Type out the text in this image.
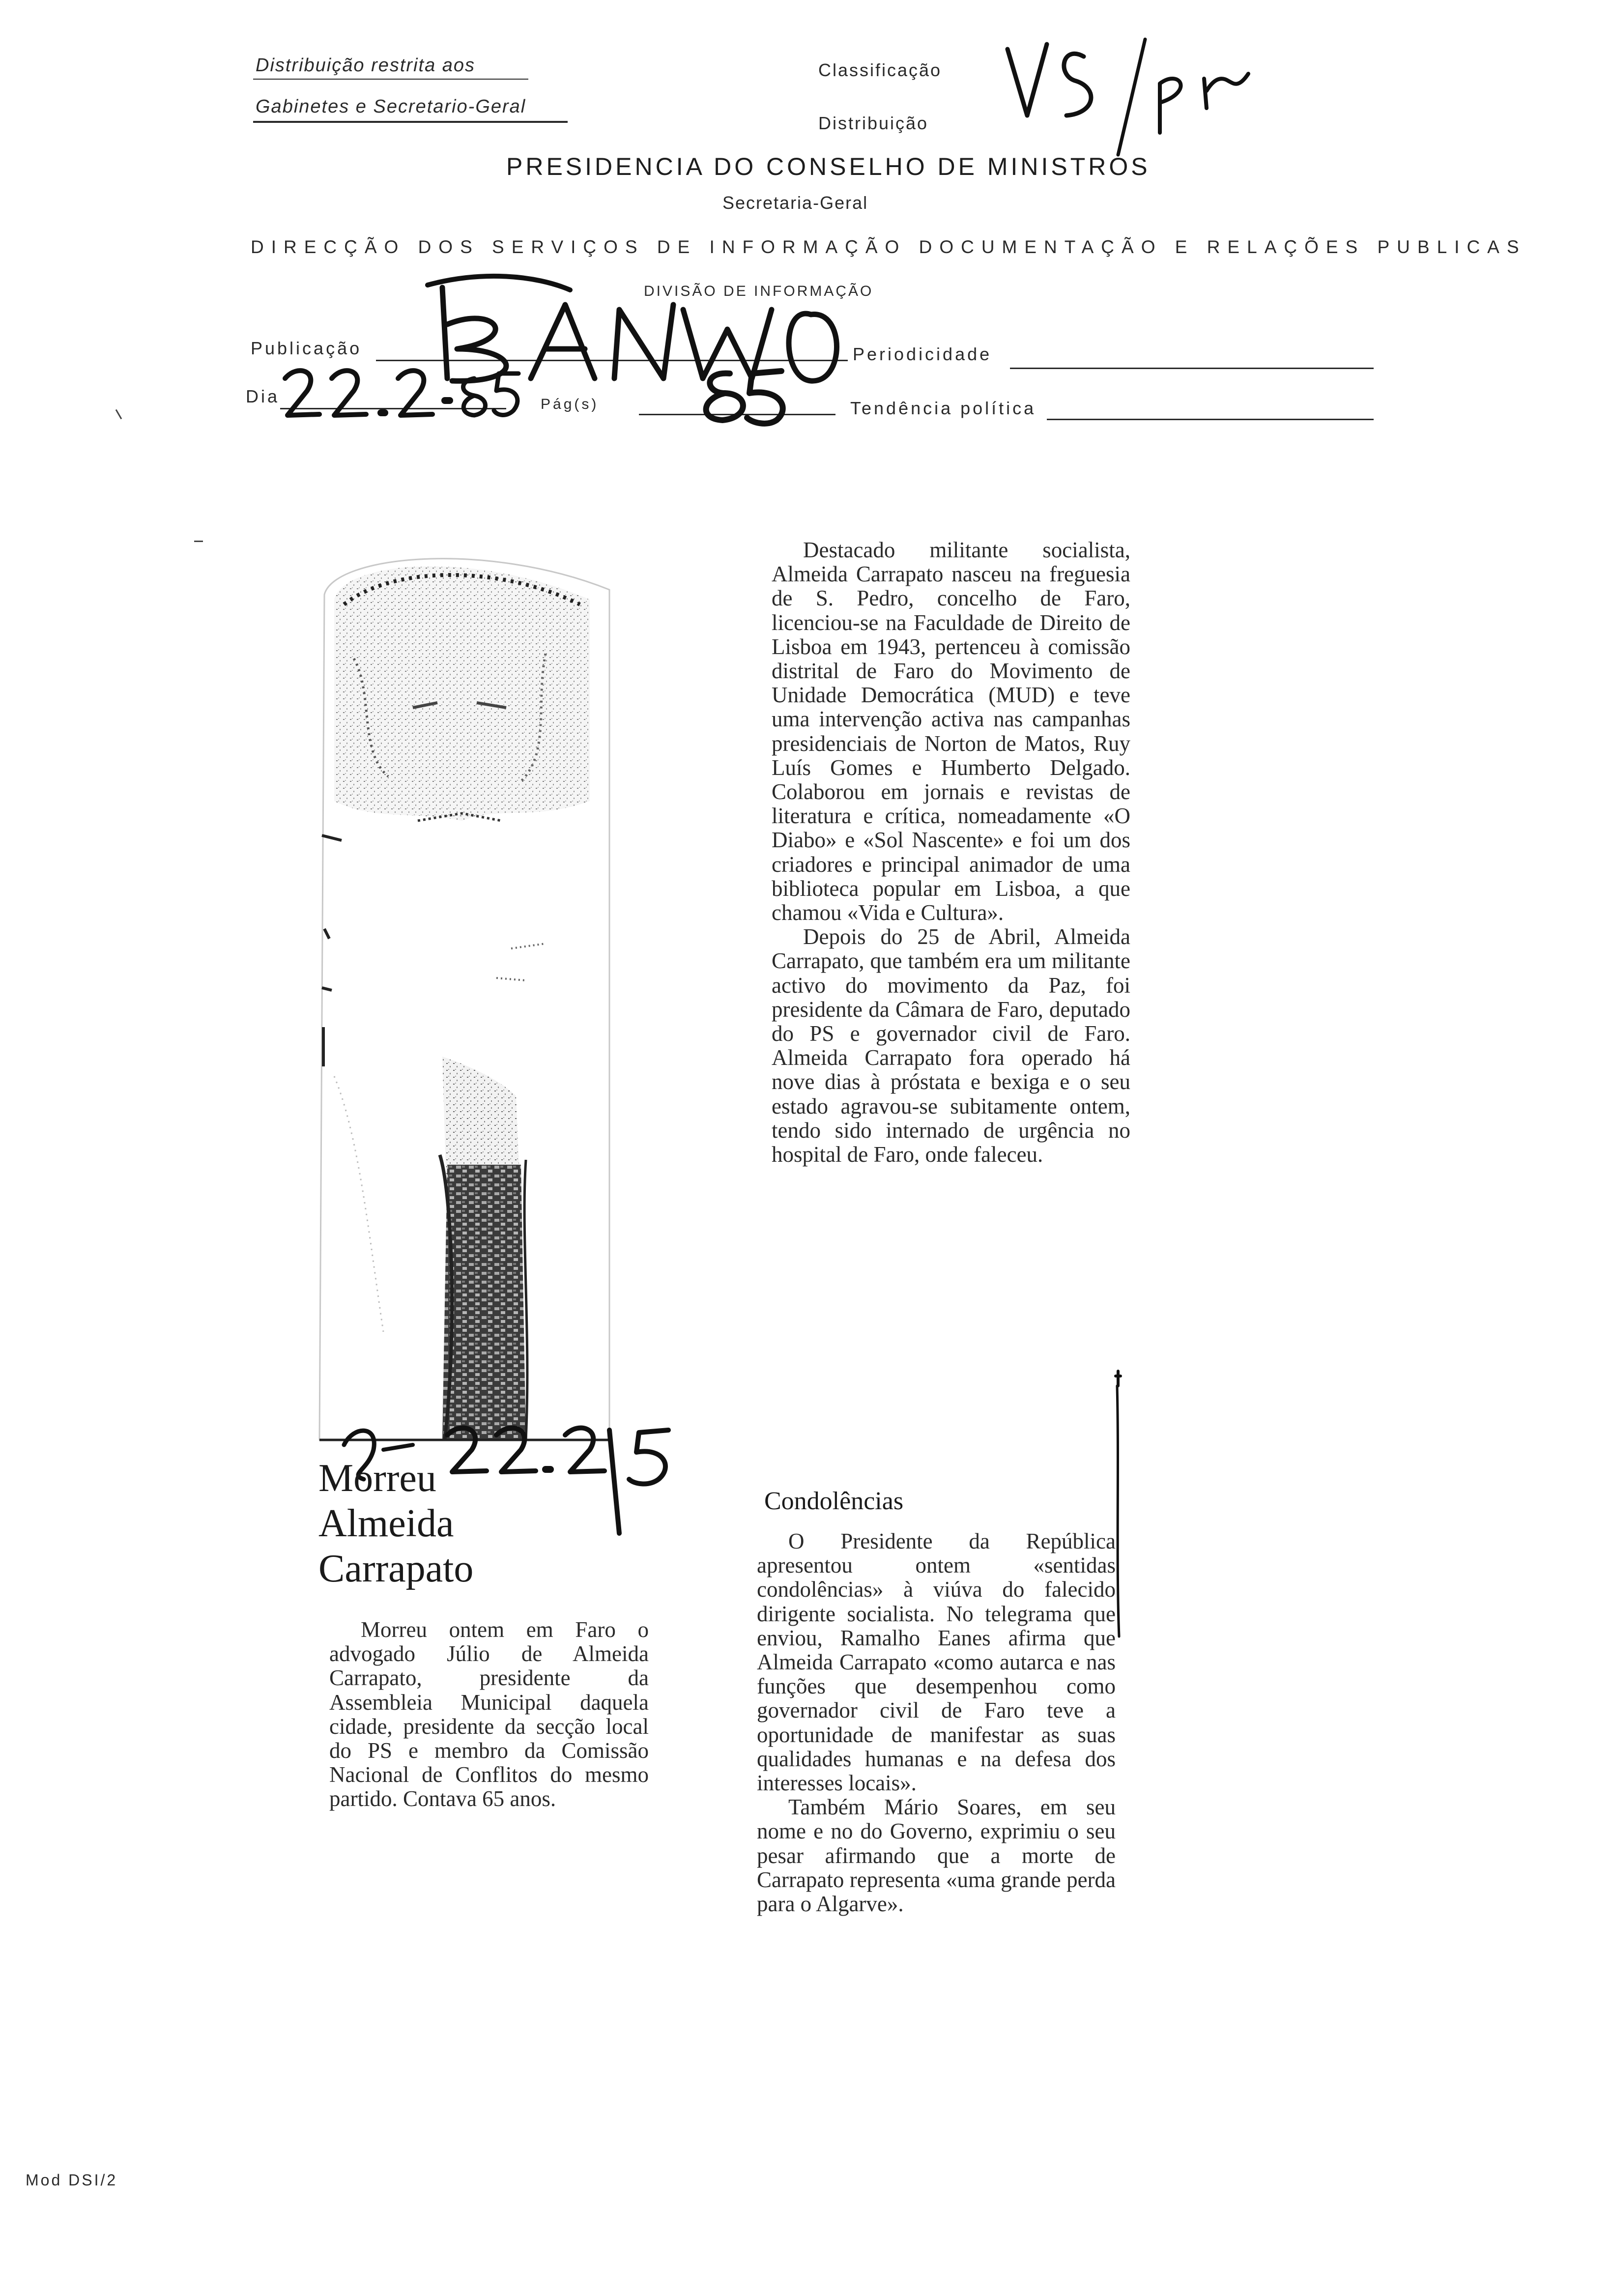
Distribuição restrita aos
Gabinetes e Secretario-Geral
Classificação
Distribuição
PRESIDENCIA DO CONSELHO DE MINISTROS
Secretaria-Geral
DIRECÇÃO DOS SERVIÇOS DE INFORMAÇÃO DOCUMENTAÇÃO E RELAÇÕES PUBLICAS
DIVISÃO DE INFORMAÇÃO
Publicação	Periodicidade
Dia	Pág(s)	Tendência política
Morreu
Almeida
Carrapato

Morreu ontem em Faro o advogado Júlio de Almeida Carrapato, presidente da Assembleia Municipal daquela cidade, presidente da secção local do PS e membro da Comissão Nacional de Conflitos do mesmo partido. Contava 65 anos.

Destacado militante socialista, Almeida Carrapato nasceu na freguesia de S. Pedro, concelho de Faro, licenciou-se na Faculdade de Direito de Lisboa em 1943, pertenceu à comissão distrital de Faro do Movimento de Unidade Democrática (MUD) e teve uma intervenção activa nas campanhas presidenciais de Norton de Matos, Ruy Luís Gomes e Humberto Delgado. Colaborou em jornais e revistas de literatura e crítica, nomeadamente «O Diabo» e «Sol Nascente» e foi um dos criadores e principal animador de uma biblioteca popular em Lisboa, a que chamou «Vida e Cultura».

Depois do 25 de Abril, Almeida Carrapato, que também era um militante activo do movimento da Paz, foi presidente da Câmara de Faro, deputado do PS e governador civil de Faro. Almeida Carrapato fora operado há nove dias à próstata e bexiga e o seu estado agravou-se subitamente ontem, tendo sido internado de urgência no hospital de Faro, onde faleceu.

Condolências

O Presidente da República apresentou ontem «sentidas condolências» à viúva do falecido dirigente socialista. No telegrama que enviou, Ramalho Eanes afirma que Almeida Carrapato «como autarca e nas funções que desempenhou como governador civil de Faro teve a oportunidade de manifestar as suas qualidades humanas e na defesa dos interesses locais».

Também Mário Soares, em seu nome e no do Governo, exprimiu o seu pesar afirmando que a morte de Carrapato representa «uma grande perda para o Algarve».

Mod DSI/2
